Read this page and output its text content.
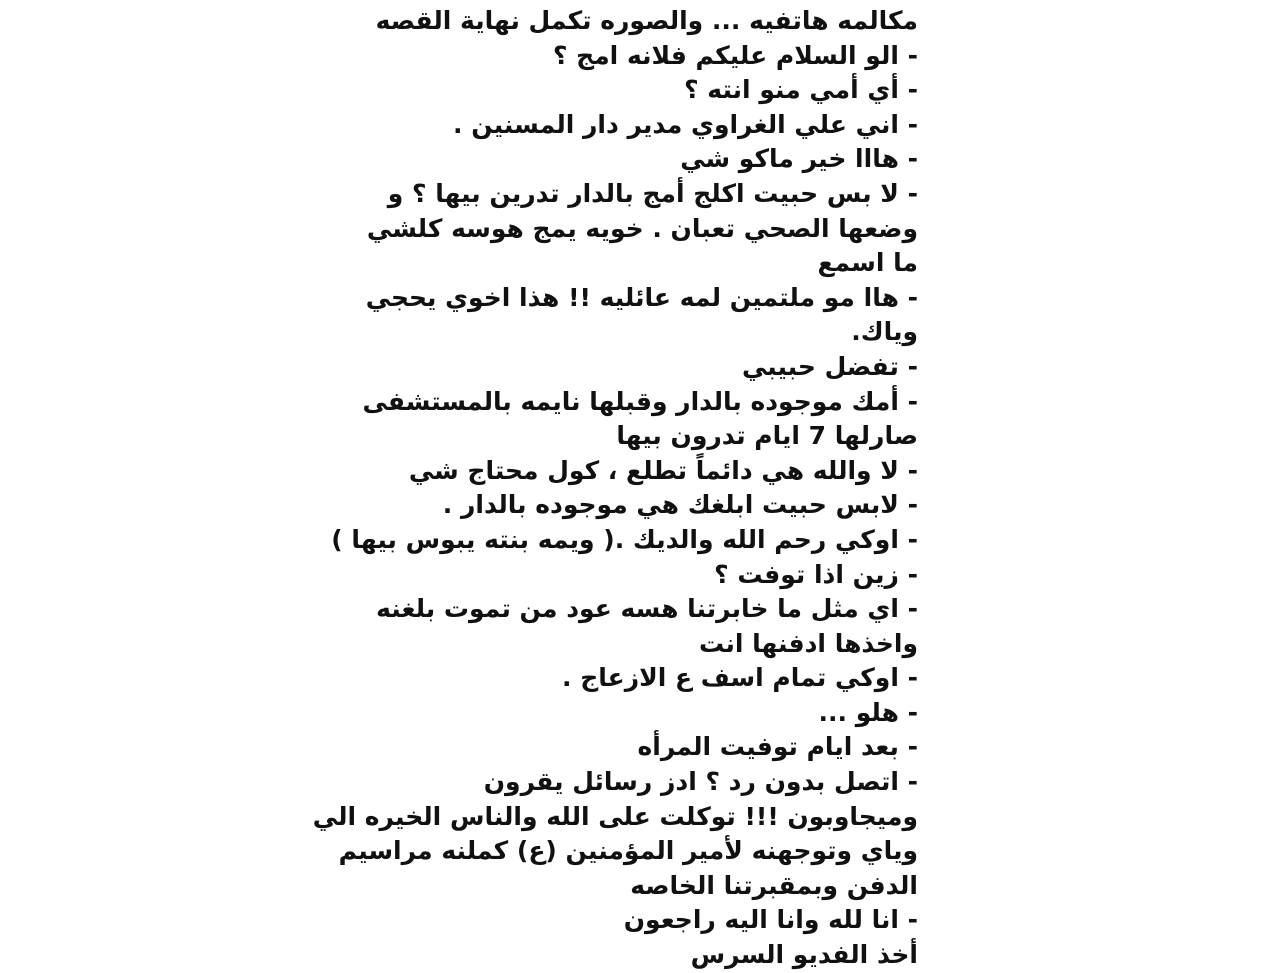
مكالمه هاتفيه ... والصوره تكمل نهاية القصه
- الو السلام عليكم فلانه امج ؟
- أي أمي منو انته ؟
- اني علي الغراوي مدير دار المسنين .
- هااا خير ماكو شي
- لا بس حبيت اكلج أمج بالدار تدرين بيها ؟ و
وضعها الصحي تعبان . خويه يمج هوسه كلشي
ما اسمع
- هاا مو ملتمين لمه عائليه !! هذا اخوي يحجي
وياك.
- تفضل حبيبي
- أمك موجوده بالدار وقبلها نايمه بالمستشفى
صارلها 7 ايام تدرون بيها
- لا والله هي دائماً تطلع ، كول محتاج شي
- لابس حبيت ابلغك هي موجوده بالدار .
- اوكي رحم الله والديك .( ويمه بنته يبوس بيها )
- زين اذا توفت ؟
- اي مثل ما خابرتنا هسه عود من تموت بلغنه
واخذها ادفنها انت
- اوكي تمام اسف ع الازعاج .
- هلو ...
- بعد ايام توفيت المرأه
- اتصل بدون رد ؟ ادز رسائل يقرون
وميجاوبون !!! توكلت على الله والناس الخيره الي
وياي وتوجهنه لأمير المؤمنين (ع) كملنه مراسيم
الدفن وبمقبرتنا الخاصه
- انا لله وانا اليه راجعون
أخذ الفديو السرس
